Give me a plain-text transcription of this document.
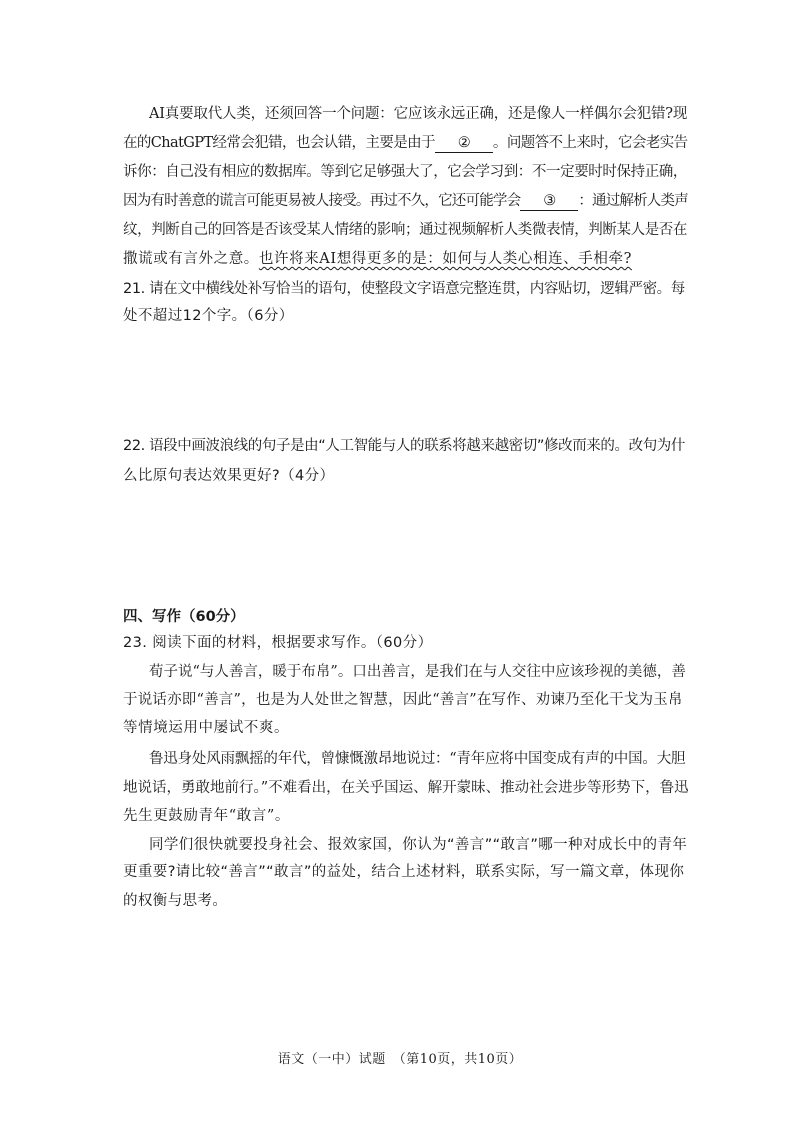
AI真要取代人类，还须回答一个问题：它应该永远正确，还是像人一样偶尔会犯错?现
在的ChatGPT经常会犯错，也会认错，主要是由于 ② 。问题答不上来时，它会老实告
诉你：自己没有相应的数据库。等到它足够强大了，它会学习到：不一定要时时保持正确，
因为有时善意的谎言可能更易被人接受。再过不久，它还可能学会 ③ ：通过解析人类声
纹，判断自己的回答是否该受某人情绪的影响；通过视频解析人类微表情，判断某人是否在
撒谎或有言外之意。也许将来AI想得更多的是：如何与人类心相连、手相牵?
21. 请在文中横线处补写恰当的语句，使整段文字语意完整连贯，内容贴切，逻辑严密。每
处不超过12个字。（6分）
22. 语段中画波浪线的句子是由“人工智能与人的联系将越来越密切”修改而来的。改句为什
么比原句表达效果更好?（4分）
四、写作（60分）
23. 阅读下面的材料，根据要求写作。（60分）
荀子说“与人善言，暖于布帛”。口出善言，是我们在与人交往中应该珍视的美德，善
于说话亦即“善言”，也是为人处世之智慧，因此“善言”在写作、劝谏乃至化干戈为玉帛
等情境运用中屡试不爽。
鲁迅身处风雨飘摇的年代，曾慷慨激昂地说过：“青年应将中国变成有声的中国。大胆
地说话，勇敢地前行。”不难看出，在关乎国运、解开蒙昧、推动社会进步等形势下，鲁迅
先生更鼓励青年“敢言”。
同学们很快就要投身社会、报效家国，你认为“善言”“敢言”哪一种对成长中的青年
更重要?请比较“善言”“敢言”的益处，结合上述材料，联系实际，写一篇文章，体现你
的权衡与思考。
语文（一中）试题　（第10页，共10页）
